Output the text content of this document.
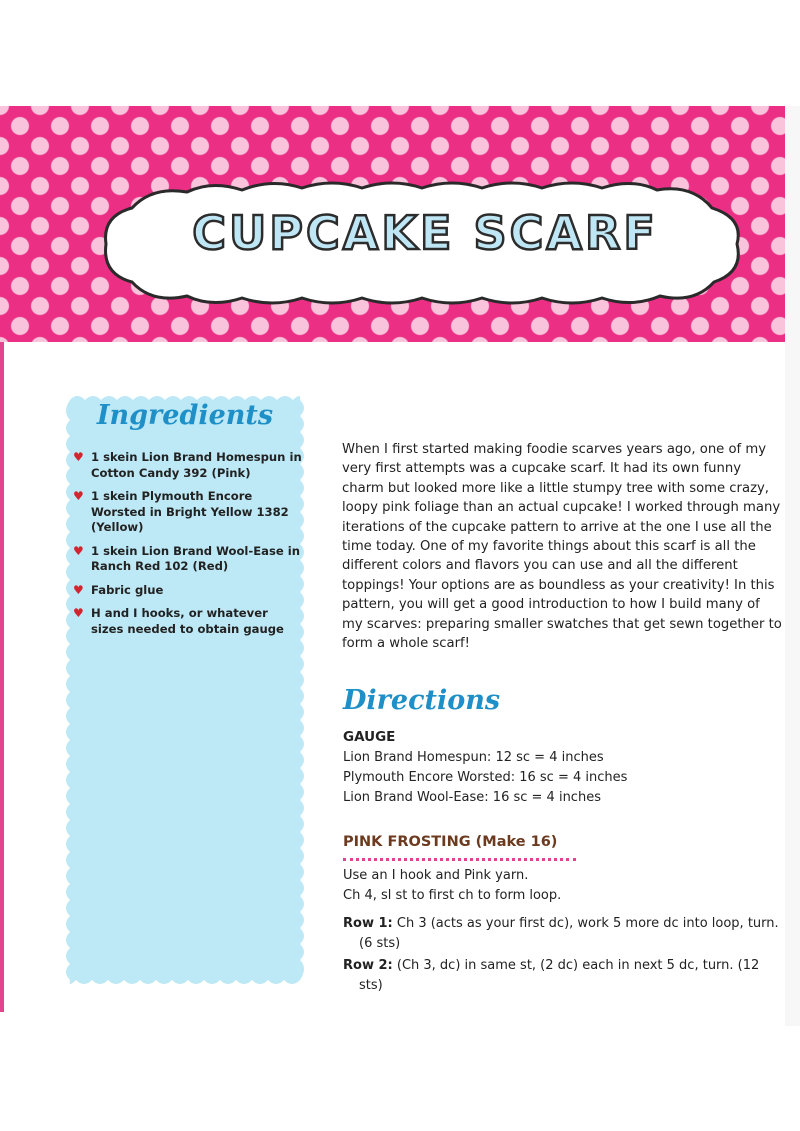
CUPCAKE SCARF
Ingredients
♥ 1 skein Lion Brand Homespun in Cotton Candy 392 (Pink)
♥ 1 skein Plymouth Encore Worsted in Bright Yellow 1382 (Yellow)
♥ 1 skein Lion Brand Wool-Ease in Ranch Red 102 (Red)
♥ Fabric glue
♥ H and I hooks, or whatever sizes needed to obtain gauge

When I first started making foodie scarves years ago, one of my very first attempts was a cupcake scarf. It had its own funny charm but looked more like a little stumpy tree with some crazy, loopy pink foliage than an actual cupcake! I worked through many iterations of the cupcake pattern to arrive at the one I use all the time today. One of my favorite things about this scarf is all the different colors and flavors you can use and all the different toppings! Your options are as boundless as your creativity! In this pattern, you will get a good introduction to how I build many of my scarves: preparing smaller swatches that get sewn together to form a whole scarf!

Directions
GAUGE
Lion Brand Homespun: 12 sc = 4 inches
Plymouth Encore Worsted: 16 sc = 4 inches
Lion Brand Wool-Ease: 16 sc = 4 inches
PINK FROSTING (Make 16)
Use an I hook and Pink yarn.
Ch 4, sl st to first ch to form loop.

Row 1: Ch 3 (acts as your first dc), work 5 more dc into loop, turn. (6 sts)

Row 2: (Ch 3, dc) in same st, (2 dc) each in next 5 dc, turn. (12 sts)
